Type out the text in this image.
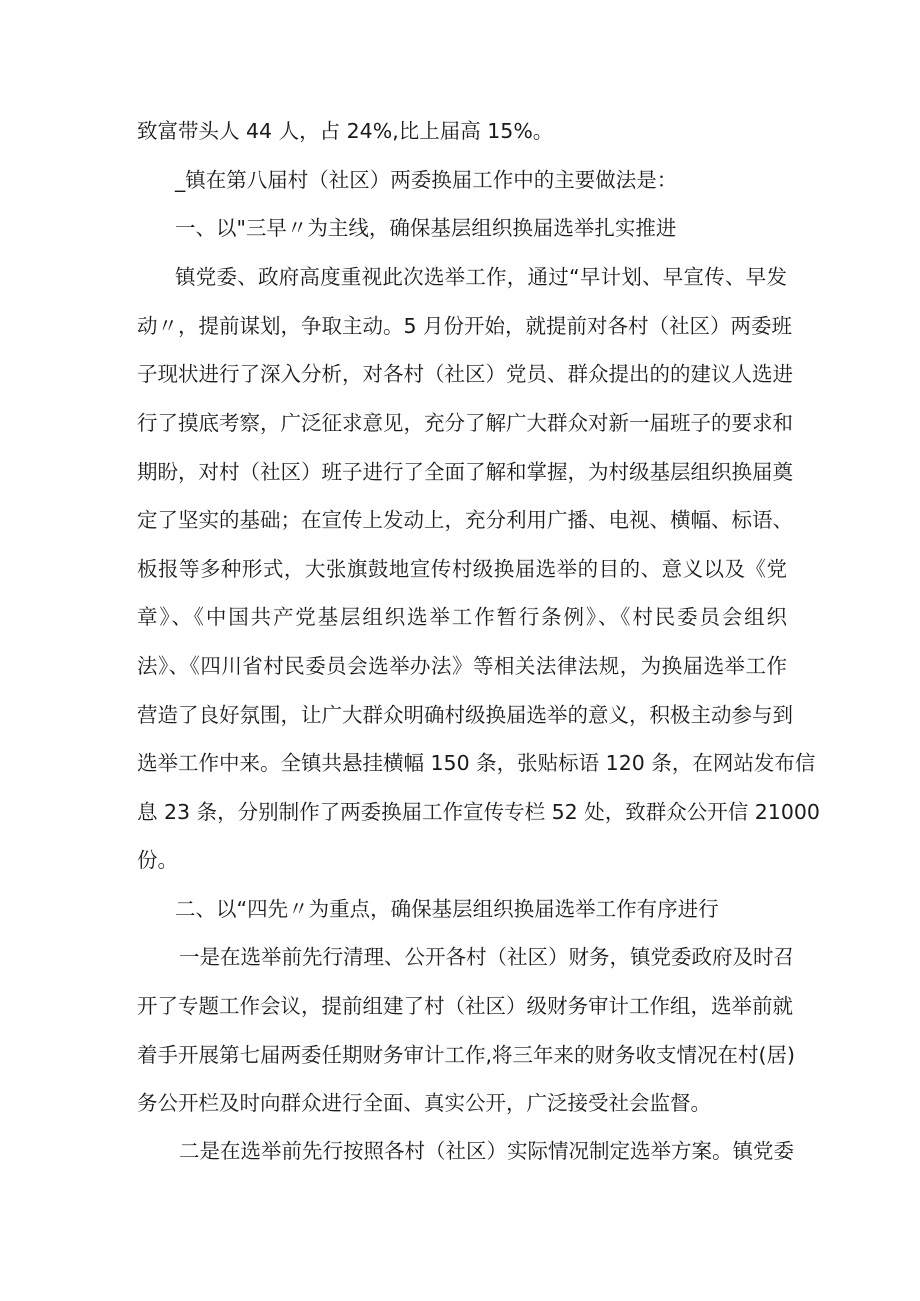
致富带头人 44 人，占 24%,比上届高 15%。
_镇在第八届村（社区）两委换届工作中的主要做法是：
一、以"三早〃为主线，确保基层组织换届选举扎实推进
镇党委、政府高度重视此次选举工作，通过“早计划、早宣传、早发
动〃，提前谋划，争取主动。5 月份开始，就提前对各村（社区）两委班
子现状进行了深入分析，对各村（社区）党员、群众提出的的建议人选进
行了摸底考察，广泛征求意见，充分了解广大群众对新一届班子的要求和
期盼，对村（社区）班子进行了全面了解和掌握，为村级基层组织换届奠
定了坚实的基础；在宣传上发动上，充分利用广播、电视、横幅、标语、
板报等多种形式，大张旗鼓地宣传村级换届选举的目的、意义以及《党
章》、《中国共产党基层组织选举工作暂行条例》、《村民委员会组织
法》、《四川省村民委员会选举办法》等相关法律法规，为换届选举工作
营造了良好氛围，让广大群众明确村级换届选举的意义，积极主动参与到
选举工作中来。全镇共悬挂横幅 150 条，张贴标语 120 条，在网站发布信
息 23 条，分别制作了两委换届工作宣传专栏 52 处，致群众公开信 21000
份。
二、以“四先〃为重点，确保基层组织换届选举工作有序进行
一是在选举前先行清理、公开各村（社区）财务，镇党委政府及时召
开了专题工作会议，提前组建了村（社区）级财务审计工作组，选举前就
着手开展第七届两委任期财务审计工作,将三年来的财务收支情况在村(居)
务公开栏及时向群众进行全面、真实公开，广泛接受社会监督。
二是在选举前先行按照各村（社区）实际情况制定选举方案。镇党委
